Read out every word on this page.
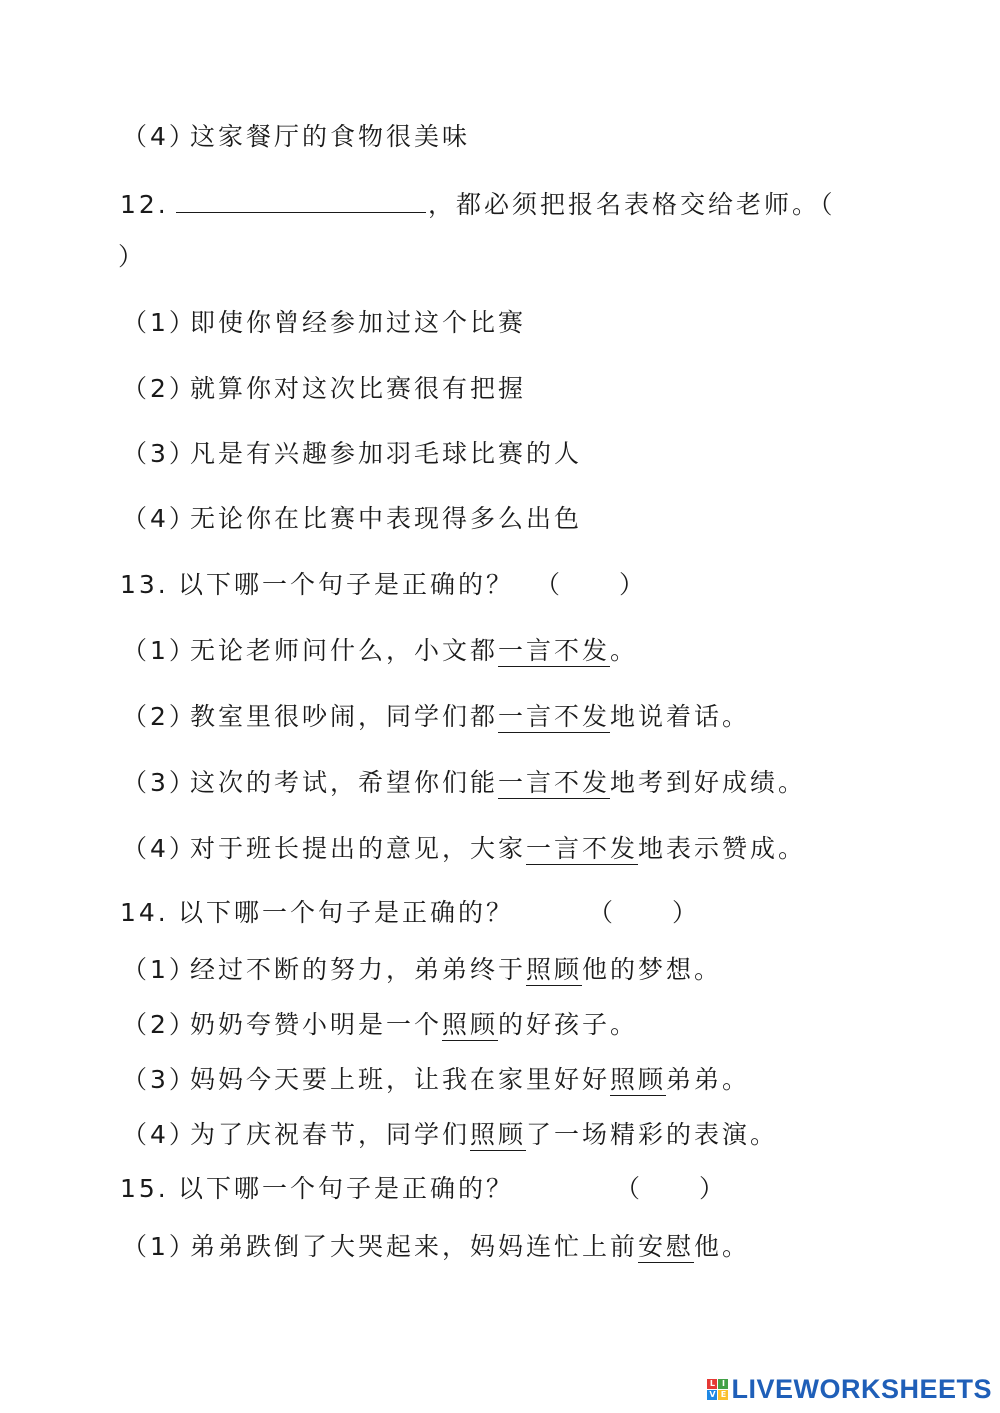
（4）
这家餐厅的食物很美味
12.	，都必须把报名表格交给老师。（
）
（1）
即使你曾经参加过这个比赛
（2）
就算你对这次比赛很有把握
（3）
凡是有兴趣参加羽毛球比赛的人
（4）
无论你在比赛中表现得多么出色
13. 以下哪一个句子是正确的？ （　　）
（1）
无论老师问什么，小文都一言不发。
（2）
教室里很吵闹，同学们都一言不发地说着话。
（3）
这次的考试，希望你们能一言不发地考到好成绩。
（4）
对于班长提出的意见，大家一言不发地表示赞成。
14. 以下哪一个句子是正确的？	（　　）
（1）
经过不断的努力，弟弟终于照顾他的梦想。
（2）
奶奶夸赞小明是一个照顾的好孩子。
（3）
妈妈今天要上班，让我在家里好好照顾弟弟。
（4）
为了庆祝春节，同学们照顾了一场精彩的表演。
15. 以下哪一个句子是正确的？	（　　）
（1）
弟弟跌倒了大哭起来，妈妈连忙上前安慰他。
L I
V E LIVEWORKSHEETS
